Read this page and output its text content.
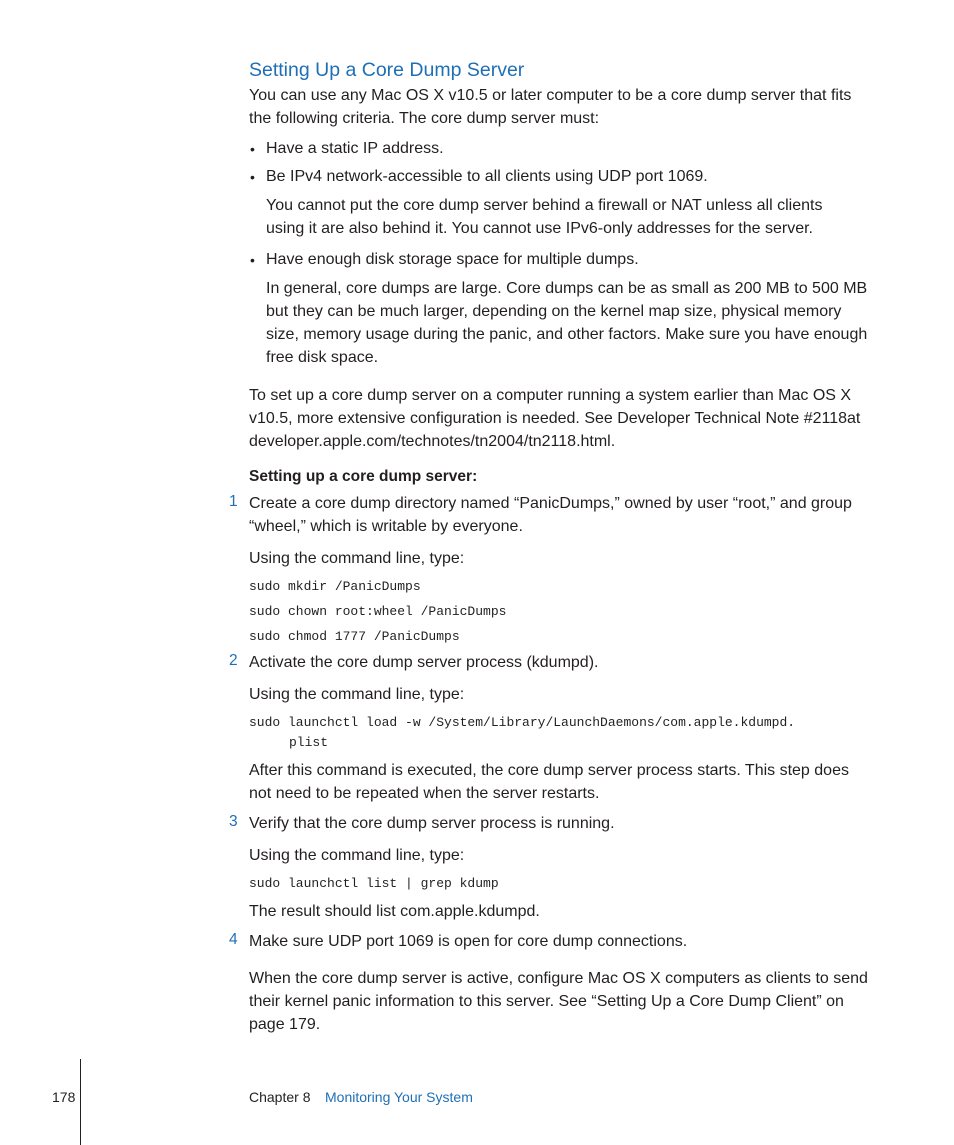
Setting Up a Core Dump Server
You can use any Mac OS X v10.5 or later computer to be a core dump server that fits
the following criteria. The core dump server must:
• Have a static IP address.
• Be IPv4 network-accessible to all clients using UDP port 1069.
You cannot put the core dump server behind a firewall or NAT unless all clients
using it are also behind it. You cannot use IPv6-only addresses for the server.
• Have enough disk storage space for multiple dumps.
In general, core dumps are large. Core dumps can be as small as 200 MB to 500 MB
but they can be much larger, depending on the kernel map size, physical memory
size, memory usage during the panic, and other factors. Make sure you have enough
free disk space.
To set up a core dump server on a computer running a system earlier than Mac OS X
v10.5, more extensive configuration is needed. See Developer Technical Note #2118at
developer.apple.com/technotes/tn2004/tn2118.html.
Setting up a core dump server:
1 Create a core dump directory named “PanicDumps,” owned by user “root,” and group
“wheel,” which is writable by everyone.
Using the command line, type:
sudo mkdir /PanicDumps
sudo chown root:wheel /PanicDumps
sudo chmod 1777 /PanicDumps
2 Activate the core dump server process (kdumpd).
Using the command line, type:
sudo launchctl load -w /System/Library/LaunchDaemons/com.apple.kdumpd.
plist
After this command is executed, the core dump server process starts. This step does
not need to be repeated when the server restarts.
3 Verify that the core dump server process is running.
Using the command line, type:
sudo launchctl list | grep kdump
The result should list com.apple.kdumpd.
4 Make sure UDP port 1069 is open for core dump connections.
When the core dump server is active, configure Mac OS X computers as clients to send
their kernel panic information to this server. See “Setting Up a Core Dump Client” on
page 179.
178	Chapter 8 Monitoring Your System
